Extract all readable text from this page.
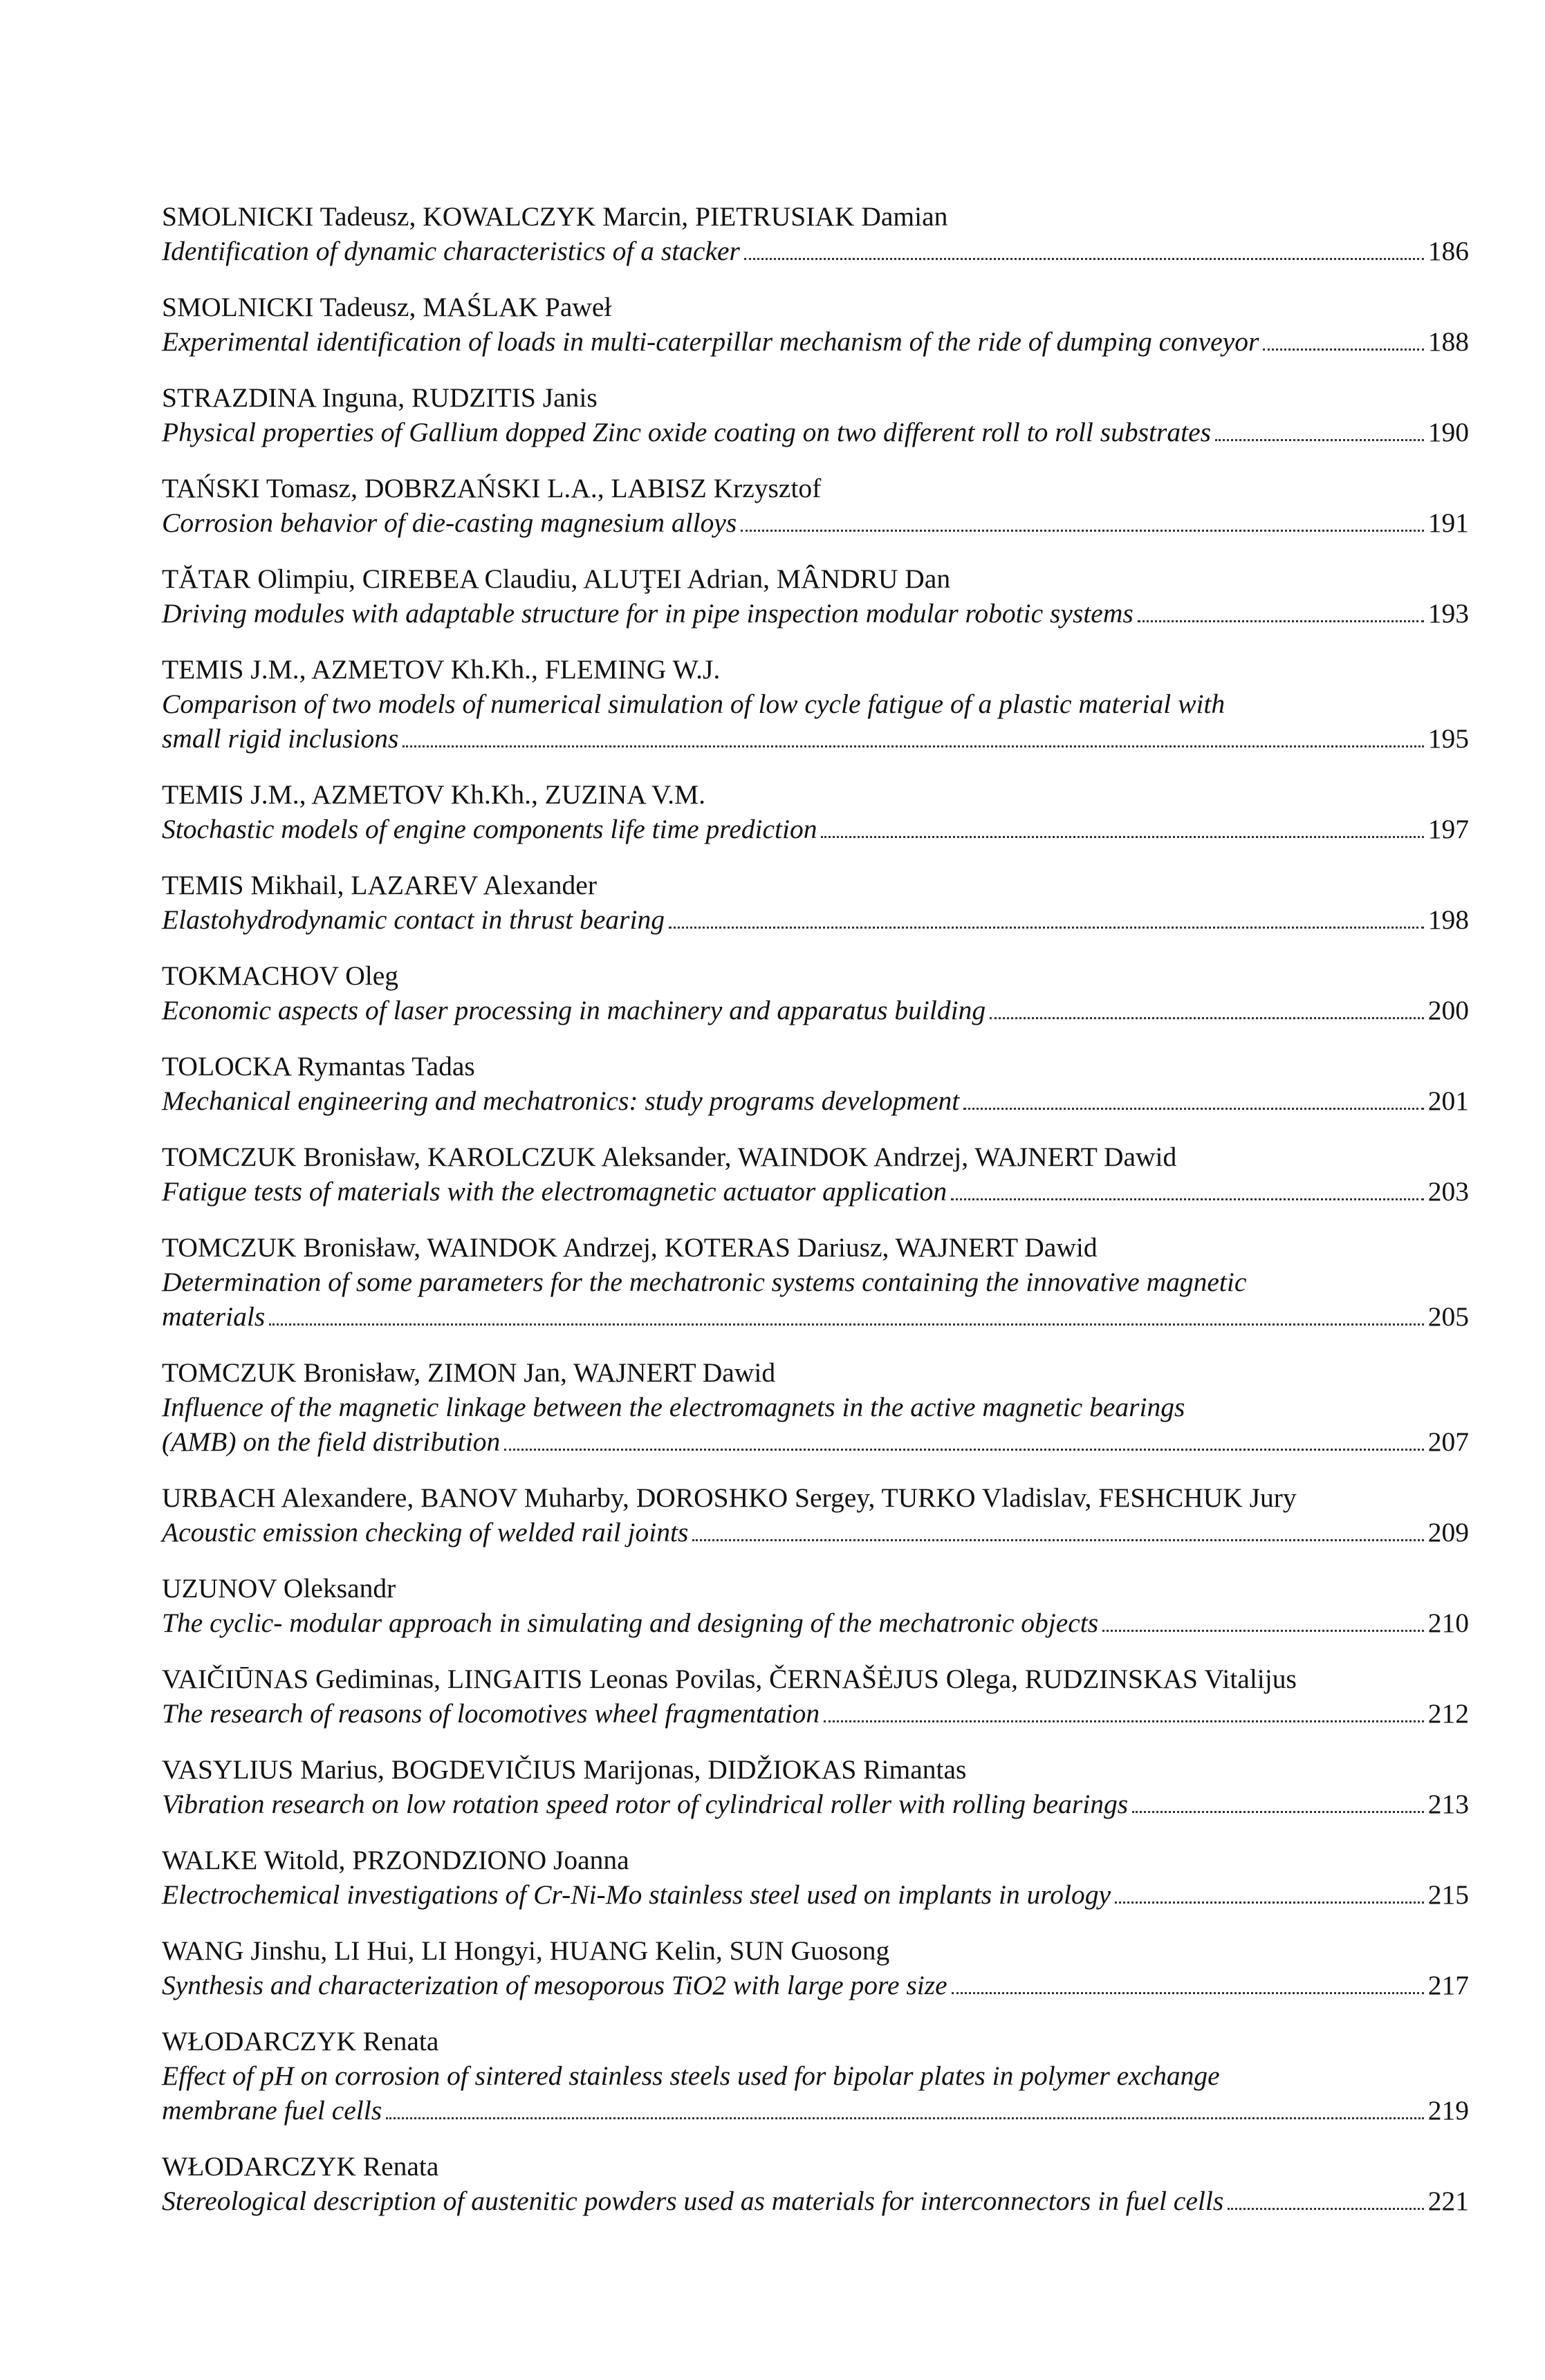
SMOLNICKI Tadeusz, KOWALCZYK Marcin, PIETRUSIAK Damian
Identification of dynamic characteristics of a stacker	186
SMOLNICKI Tadeusz, MAŚLAK Paweł
Experimental identification of loads in multi-caterpillar mechanism of the ride of dumping conveyor	188
STRAZDINA Inguna, RUDZITIS Janis
Physical properties of Gallium dopped Zinc oxide coating on two different roll to roll substrates	190
TAŃSKI Tomasz, DOBRZAŃSKI L.A., LABISZ Krzysztof
Corrosion behavior of die-casting magnesium alloys	191
TĂTAR Olimpiu, CIREBEA Claudiu, ALUŢEI Adrian, MÂNDRU Dan
Driving modules with adaptable structure for in pipe inspection modular robotic systems	193
TEMIS J.M., AZMETOV Kh.Kh., FLEMING W.J.
Comparison of two models of numerical simulation of low cycle fatigue of a plastic material with
small rigid inclusions	195
TEMIS J.M., AZMETOV Kh.Kh., ZUZINA V.M.
Stochastic models of engine components life time prediction	197
TEMIS Mikhail, LAZAREV Alexander
Elastohydrodynamic contact in thrust bearing	198
TOKMACHOV Oleg
Economic aspects of laser processing in machinery and apparatus building	200
TOLOCKA Rymantas Tadas
Mechanical engineering and mechatronics: study programs development	201
TOMCZUK Bronisław, KAROLCZUK Aleksander, WAINDOK Andrzej, WAJNERT Dawid
Fatigue tests of materials with the electromagnetic actuator application	203
TOMCZUK Bronisław, WAINDOK Andrzej, KOTERAS Dariusz, WAJNERT Dawid
Determination of some parameters for the mechatronic systems containing the innovative magnetic
materials	205
TOMCZUK Bronisław, ZIMON Jan, WAJNERT Dawid
Influence of the magnetic linkage between the electromagnets in the active magnetic bearings
(AMB) on the field distribution	207
URBACH Alexandere, BANOV Muharby, DOROSHKO Sergey, TURKO Vladislav, FESHCHUK Jury
Acoustic emission checking of welded rail joints	209
UZUNOV Oleksandr
The cyclic- modular approach in simulating and designing of the mechatronic objects	210
VAIČIŪNAS Gediminas, LINGAITIS Leonas Povilas, ČERNAŠĖJUS Olega, RUDZINSKAS Vitalijus
The research of reasons of locomotives wheel fragmentation	212
VASYLIUS Marius, BOGDEVIČIUS Marijonas, DIDŽIOKAS Rimantas
Vibration research on low rotation speed rotor of cylindrical roller with rolling bearings	213
WALKE Witold, PRZONDZIONO Joanna
Electrochemical investigations of Cr-Ni-Mo stainless steel used on implants in urology	215
WANG Jinshu, LI Hui, LI Hongyi, HUANG Kelin, SUN Guosong
Synthesis and characterization of mesoporous TiO2 with large pore size	217
WŁODARCZYK Renata
Effect of pH on corrosion of sintered stainless steels used for bipolar plates in polymer exchange
membrane fuel cells	219
WŁODARCZYK Renata
Stereological description of austenitic powders used as materials for interconnectors in fuel cells	221
